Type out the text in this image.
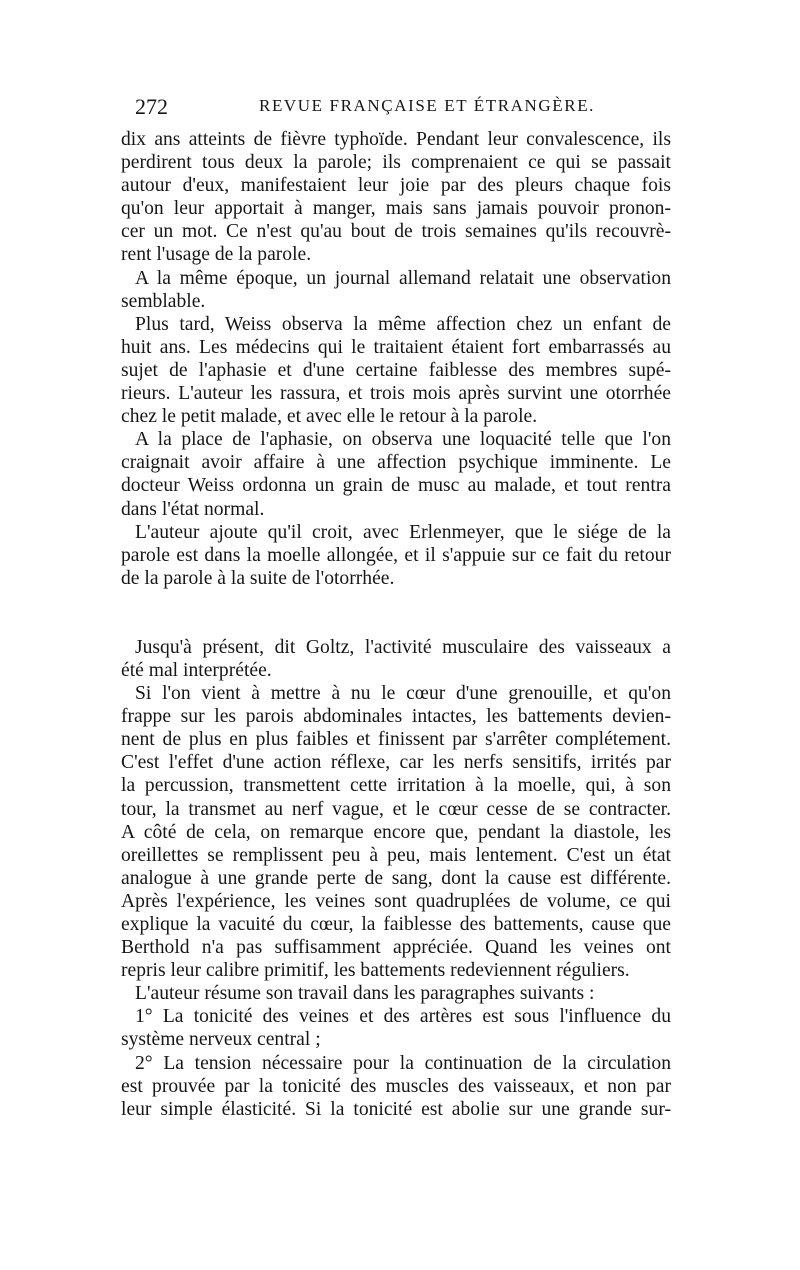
272	REVUE FRANÇAISE ET ÉTRANGÈRE.
dix ans atteints de fièvre typhoïde. Pendant leur convalescence, ils
perdirent tous deux la parole; ils comprenaient ce qui se passait
autour d'eux, manifestaient leur joie par des pleurs chaque fois
qu'on leur apportait à manger, mais sans jamais pouvoir pronon-
cer un mot. Ce n'est qu'au bout de trois semaines qu'ils recouvrè-
rent l'usage de la parole.
A la même époque, un journal allemand relatait une observation
semblable.
Plus tard, Weiss observa la même affection chez un enfant de
huit ans. Les médecins qui le traitaient étaient fort embarrassés au
sujet de l'aphasie et d'une certaine faiblesse des membres supé-
rieurs. L'auteur les rassura, et trois mois après survint une otorrhée
chez le petit malade, et avec elle le retour à la parole.
A la place de l'aphasie, on observa une loquacité telle que l'on
craignait avoir affaire à une affection psychique imminente. Le
docteur Weiss ordonna un grain de musc au malade, et tout rentra
dans l'état normal.
L'auteur ajoute qu'il croit, avec Erlenmeyer, que le siége de la
parole est dans la moelle allongée, et il s'appuie sur ce fait du retour
de la parole à la suite de l'otorrhée.
Jusqu'à présent, dit Goltz, l'activité musculaire des vaisseaux a
été mal interprétée.
Si l'on vient à mettre à nu le cœur d'une grenouille, et qu'on
frappe sur les parois abdominales intactes, les battements devien-
nent de plus en plus faibles et finissent par s'arrêter complétement.
C'est l'effet d'une action réflexe, car les nerfs sensitifs, irrités par
la percussion, transmettent cette irritation à la moelle, qui, à son
tour, la transmet au nerf vague, et le cœur cesse de se contracter.
A côté de cela, on remarque encore que, pendant la diastole, les
oreillettes se remplissent peu à peu, mais lentement. C'est un état
analogue à une grande perte de sang, dont la cause est différente.
Après l'expérience, les veines sont quadruplées de volume, ce qui
explique la vacuité du cœur, la faiblesse des battements, cause que
Berthold n'a pas suffisamment appréciée. Quand les veines ont
repris leur calibre primitif, les battements redeviennent réguliers.
L'auteur résume son travail dans les paragraphes suivants :
1° La tonicité des veines et des artères est sous l'influence du
système nerveux central ;
2° La tension nécessaire pour la continuation de la circulation
est prouvée par la tonicité des muscles des vaisseaux, et non par
leur simple élasticité. Si la tonicité est abolie sur une grande sur-
